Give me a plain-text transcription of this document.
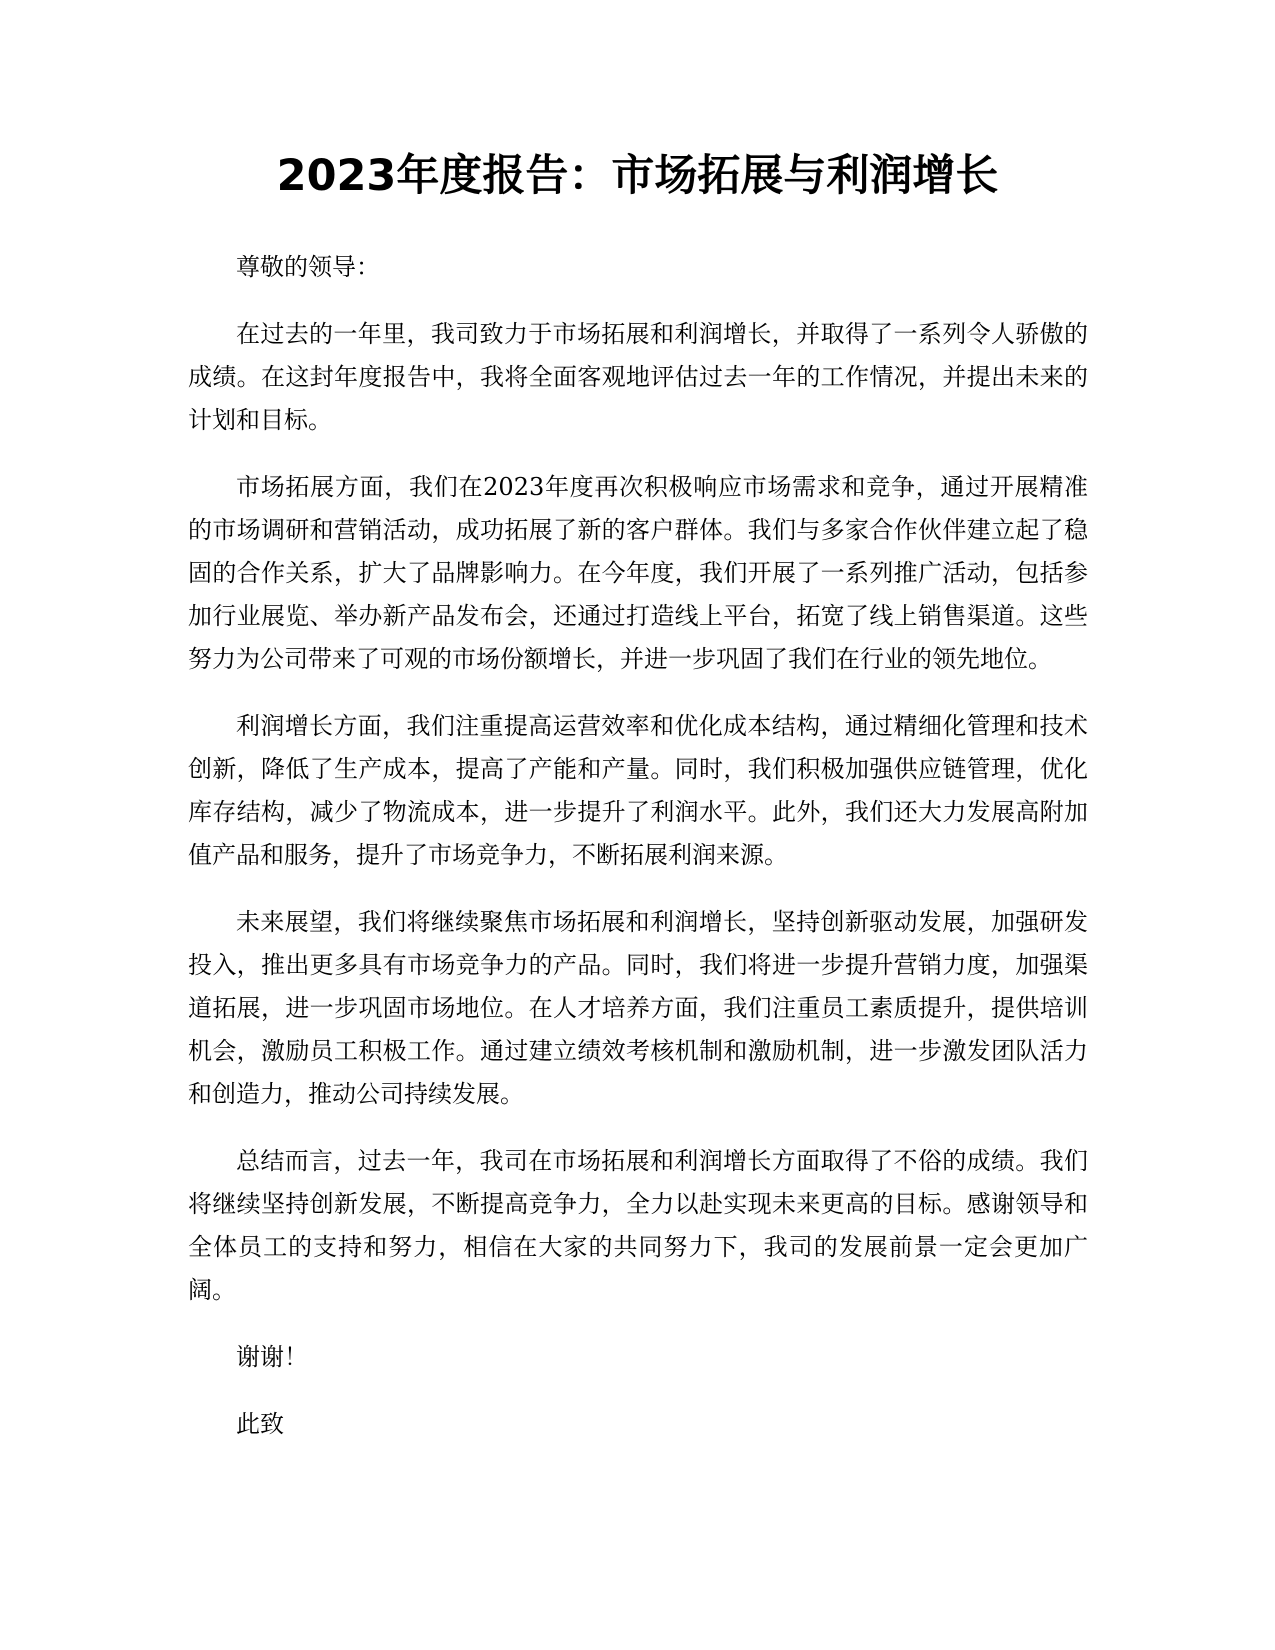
2023年度报告：市场拓展与利润增长

尊敬的领导：

在过去的一年里，我司致力于市场拓展和利润增长，并取得了一系列令人骄傲的成绩。在这封年度报告中，我将全面客观地评估过去一年的工作情况，并提出未来的计划和目标。

市场拓展方面，我们在2023年度再次积极响应市场需求和竞争，通过开展精准的市场调研和营销活动，成功拓展了新的客户群体。我们与多家合作伙伴建立起了稳固的合作关系，扩大了品牌影响力。在今年度，我们开展了一系列推广活动，包括参加行业展览、举办新产品发布会，还通过打造线上平台，拓宽了线上销售渠道。这些努力为公司带来了可观的市场份额增长，并进一步巩固了我们在行业的领先地位。

利润增长方面，我们注重提高运营效率和优化成本结构，通过精细化管理和技术创新，降低了生产成本，提高了产能和产量。同时，我们积极加强供应链管理，优化库存结构，减少了物流成本，进一步提升了利润水平。此外，我们还大力发展高附加值产品和服务，提升了市场竞争力，不断拓展利润来源。

未来展望，我们将继续聚焦市场拓展和利润增长，坚持创新驱动发展，加强研发投入，推出更多具有市场竞争力的产品。同时，我们将进一步提升营销力度，加强渠道拓展，进一步巩固市场地位。在人才培养方面，我们注重员工素质提升，提供培训机会，激励员工积极工作。通过建立绩效考核机制和激励机制，进一步激发团队活力和创造力，推动公司持续发展。

总结而言，过去一年，我司在市场拓展和利润增长方面取得了不俗的成绩。我们将继续坚持创新发展，不断提高竞争力，全力以赴实现未来更高的目标。感谢领导和全体员工的支持和努力，相信在大家的共同努力下，我司的发展前景一定会更加广阔。

谢谢！

此致
